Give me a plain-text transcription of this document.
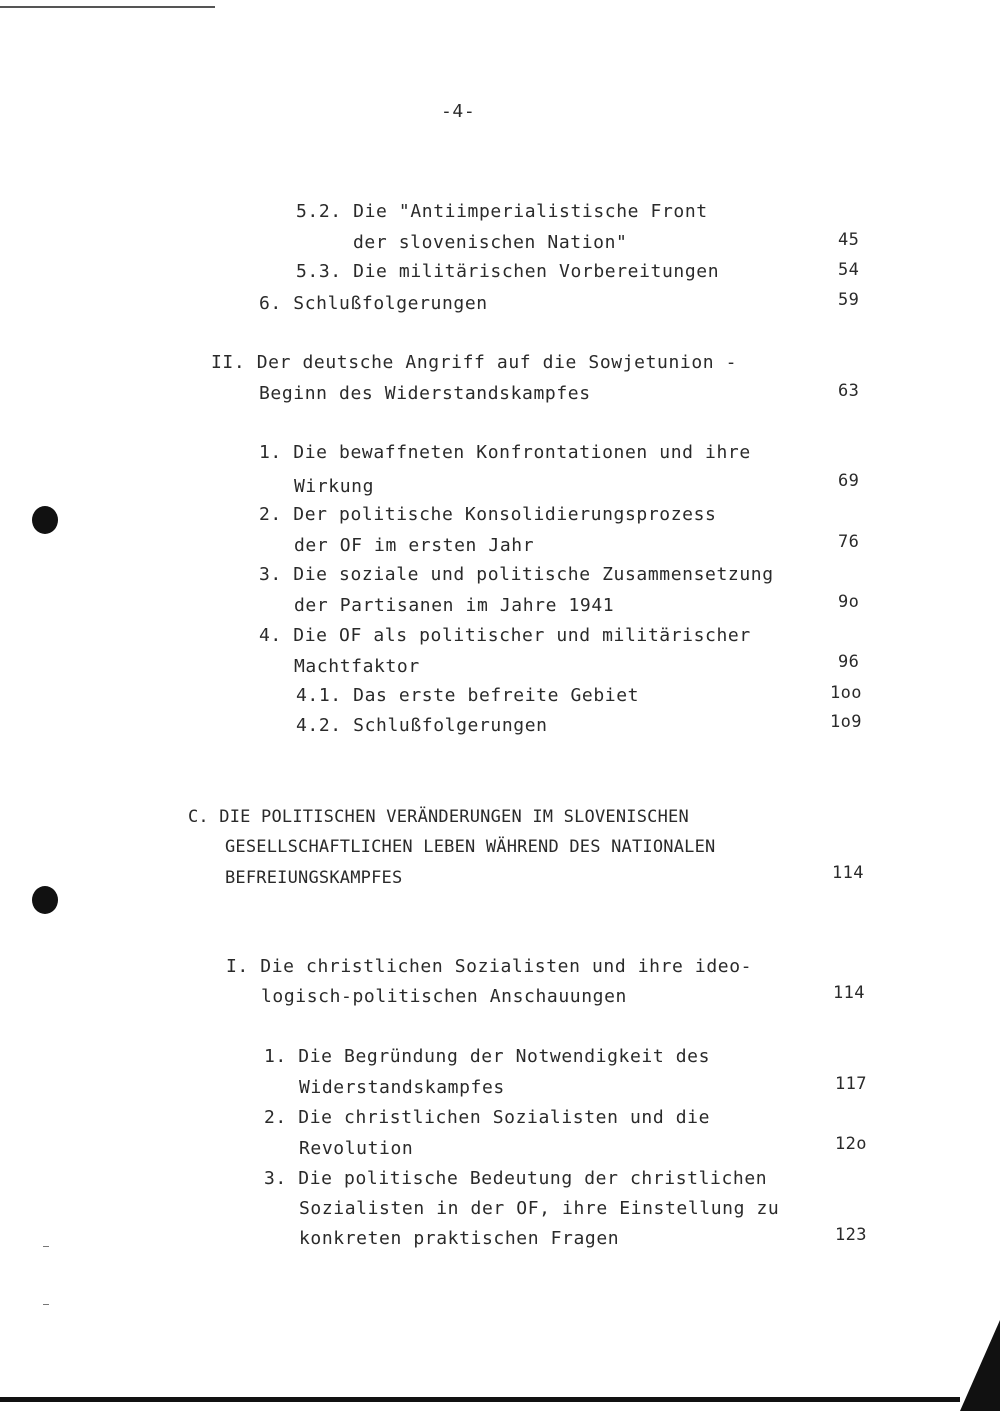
-4-
5.2. Die "Antiimperialistische Front
der slovenischen Nation"	45
5.3. Die militärischen Vorbereitungen	54
6. Schlußfolgerungen	59
II. Der deutsche Angriff auf die Sowjetunion -
Beginn des Widerstandskampfes	63
1. Die bewaffneten Konfrontationen und ihre
Wirkung	69
2. Der politische Konsolidierungsprozess
der OF im ersten Jahr	76
3. Die soziale und politische Zusammensetzung
der Partisanen im Jahre 1941	9o
4. Die OF als politischer und militärischer
Machtfaktor	96
4.1. Das erste befreite Gebiet	1oo
4.2. Schlußfolgerungen	1o9
C. DIE POLITISCHEN VERÄNDERUNGEN IM SLOVENISCHEN
GESELLSCHAFTLICHEN LEBEN WÄHREND DES NATIONALEN
BEFREIUNGSKAMPFES	114
I. Die christlichen Sozialisten und ihre ideo-
logisch-politischen Anschauungen	114
1. Die Begründung der Notwendigkeit des
Widerstandskampfes	117
2. Die christlichen Sozialisten und die
Revolution	12o
3. Die politische Bedeutung der christlichen
Sozialisten in der OF, ihre Einstellung zu
konkreten praktischen Fragen	123
